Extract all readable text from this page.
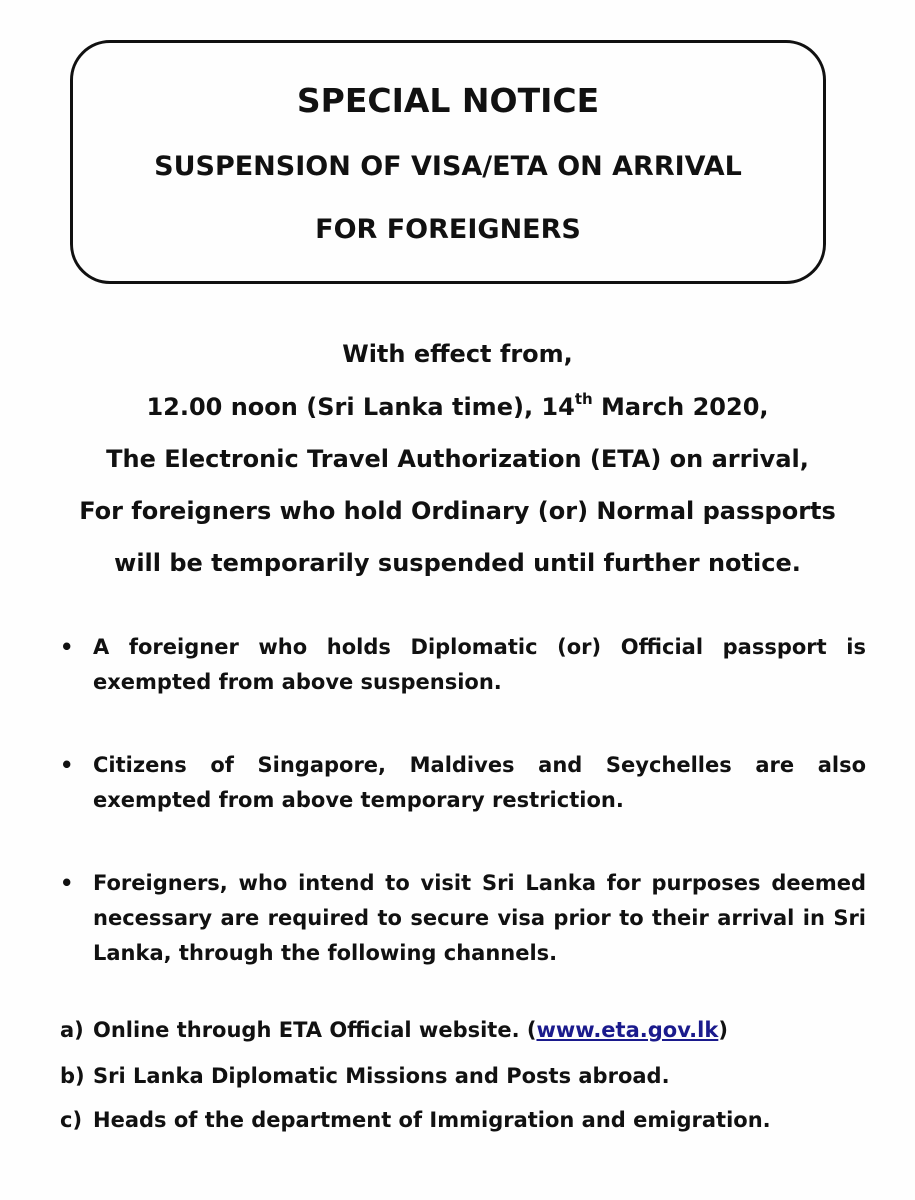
SPECIAL NOTICE
SUSPENSION OF VISA/ETA ON ARRIVAL
FOR FOREIGNERS
With effect from,
12.00 noon (Sri Lanka time), 14th March 2020,
The Electronic Travel Authorization (ETA) on arrival,
For foreigners who hold Ordinary (or) Normal passports
will be temporarily suspended until further notice.
• A foreigner who holds Diplomatic (or) Official passport is exempted from above suspension.
• Citizens of Singapore, Maldives and Seychelles are also exempted from above temporary restriction.
• Foreigners, who intend to visit Sri Lanka for purposes deemed necessary are required to secure visa prior to their arrival in Sri Lanka, through the following channels.
a) Online through ETA Official website. (www.eta.gov.lk)
b) Sri Lanka Diplomatic Missions and Posts abroad.
c) Heads of the department of Immigration and emigration.
